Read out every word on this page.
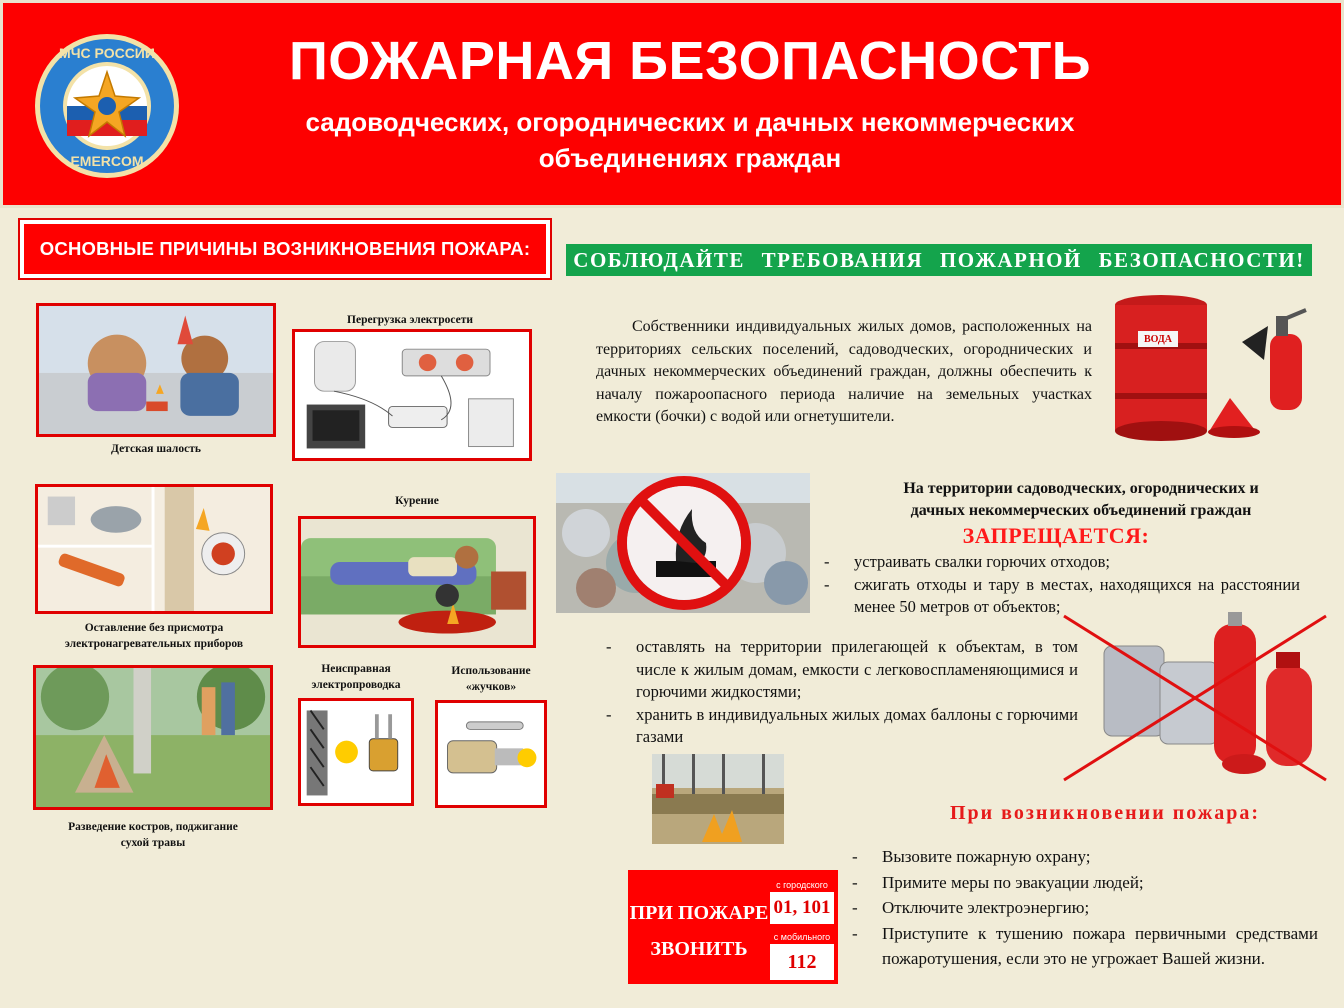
МЧС РОССИИ
EMERCOM
ПОЖАРНАЯ БЕЗОПАСНОСТЬ
садоводческих, огороднических и дачных некоммерческих
объединениях граждан
ОСНОВНЫЕ ПРИЧИНЫ ВОЗНИКНОВЕНИЯ ПОЖАРА:
Детская шалость
Перегрузка электросети
Оставление без присмотра
электронагревательных приборов
Курение
Разведение костров, поджигание
сухой травы
Неисправная
электропроводка
Использование
«жучков»
СОБЛЮДАЙТЕ ТРЕБОВАНИЯ ПОЖАРНОЙ БЕЗОПАСНОСТИ!
Собственники индивидуальных жилых домов, расположенных на территориях сельских поселений, садоводческих, огороднических и дачных некоммерческих объединений граждан, должны обеспечить к началу пожароопасного периода наличие на земельных участках емкости (бочки) с водой или огнетушители.
ВОДА
На территории садоводческих, огороднических и
дачных некоммерческих объединений граждан
ЗАПРЕЩАЕТСЯ:
- устраивать свалки горючих отходов;
- сжигать отходы и тару в местах, находящихся на расстоянии менее 50 метров от объектов;
- оставлять на территории прилегающей к объектам, в том числе к жилым домам, емкости с легковоспламеняющимися и горючими жидкостями;
- хранить в индивидуальных жилых домах баллоны с горючими газами
При возникновении пожара:
- Вызовите пожарную охрану;
- Примите меры по эвакуации людей;
- Отключите электроэнергию;
- Приступите к тушению пожара первичными средствами пожаротушения, если это не угрожает Вашей жизни.
ПРИ ПОЖАРЕ
ЗВОНИТЬ
с городского
01, 101
с мобильного
112
